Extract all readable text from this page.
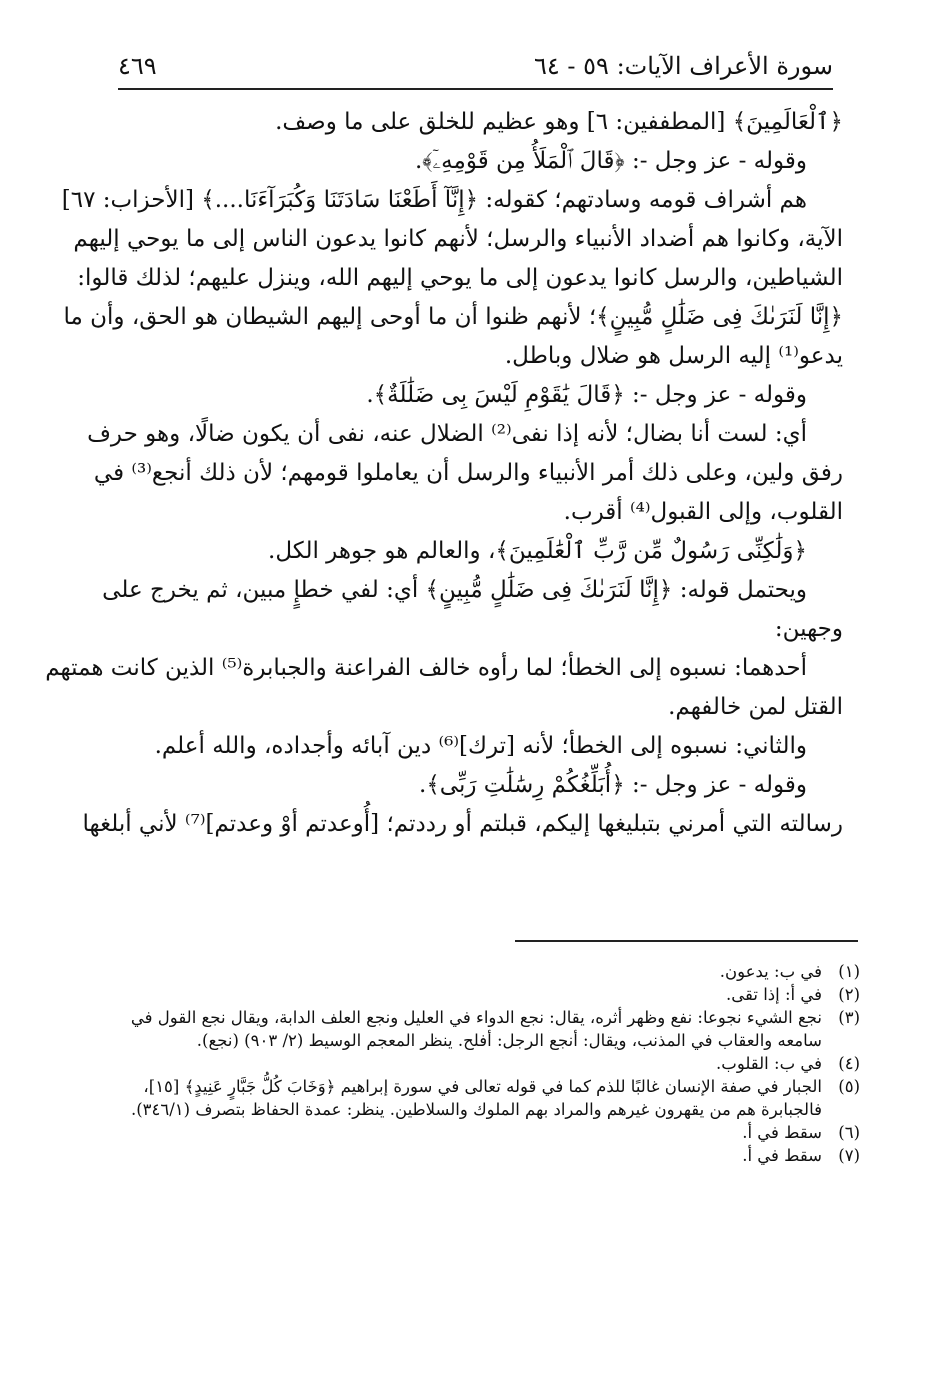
سورة الأعراف الآيات: ٥٩ - ٦٤
٤٦٩
﴿ٱلْعَالَمِينَ﴾ [المطففين: ٦] وهو عظيم للخلق على ما وصف.
وقوله - عز وجل -: ﴿قَالَ ٱلْمَلَأُ مِن قَوْمِهِۦٓ﴾.
هم أشراف قومه وسادتهم؛ كقوله: ﴿إِنَّآ أَطَعْنَا سَادَتَنَا وَكُبَرَآءَنَا....﴾ [الأحزاب: ٦٧]
الآية، وكانوا هم أضداد الأنبياء والرسل؛ لأنهم كانوا يدعون الناس إلى ما يوحي إليهم
الشياطين، والرسل كانوا يدعون إلى ما يوحي إليهم الله، وينزل عليهم؛ لذلك قالوا:
﴿إِنَّا لَنَرَىٰكَ فِى ضَلَٰلٍ مُّبِينٍ﴾؛ لأنهم ظنوا أن ما أوحى إليهم الشيطان هو الحق، وأن ما
يدعو⁽¹⁾ إليه الرسل هو ضلال وباطل.
وقوله - عز وجل -: ﴿قَالَ يَٰقَوْمِ لَيْسَ بِى ضَلَٰلَةٌ﴾.
أي: لست أنا بضال؛ لأنه إذا نفى⁽²⁾ الضلال عنه، نفى أن يكون ضالًا، وهو حرف
رفق ولين، وعلى ذلك أمر الأنبياء والرسل أن يعاملوا قومهم؛ لأن ذلك أنجع⁽³⁾ في
القلوب، وإلى القبول⁽⁴⁾ أقرب.
﴿وَلَٰكِنِّى رَسُولٌ مِّن رَّبِّ ٱلْعَٰلَمِينَ﴾، والعالم هو جوهر الكل.
ويحتمل قوله: ﴿إِنَّا لَنَرَىٰكَ فِى ضَلَٰلٍ مُّبِينٍ﴾ أي: لفي خطإٍ مبين، ثم يخرج على
وجهين:
أحدهما: نسبوه إلى الخطأ؛ لما رأوه خالف الفراعنة والجبابرة⁽⁵⁾ الذين كانت همتهم
القتل لمن خالفهم.
والثاني: نسبوه إلى الخطأ؛ لأنه [ترك]⁽⁶⁾ دين آبائه وأجداده، والله أعلم.
وقوله - عز وجل -: ﴿أُبَلِّغُكُمْ رِسَٰلَٰتِ رَبِّى﴾.
رسالته التي أمرني بتبليغها إليكم، قبلتم أو رددتم؛ [أُوعدتم أوْ وعدتم]⁽⁷⁾ لأني أبلغها
(١)
في ب: يدعون.
(٢)
في أ: إذا تقى.
(٣)
نجع الشيء نجوعا: نفع وظهر أثره، يقال: نجع الدواء في العليل ونجع العلف الدابة، ويقال نجع القول في سامعه والعقاب في المذنب، ويقال: أنجع الرجل: أفلح. ينظر المعجم الوسيط (٢/ ٩٠٣) (نجع).
(٤)
في ب: القلوب.
(٥)
الجبار في صفة الإنسان غالبًا للذم كما في قوله تعالى في سورة إبراهيم ﴿وَخَابَ كُلُّ جَبَّارٍ عَنِيدٍ﴾ [١٥]، فالجبابرة هم من يقهرون غيرهم والمراد بهم الملوك والسلاطين. ينظر: عمدة الحفاظ بتصرف (٣٤٦/١).
(٦)
سقط في أ.
(٧)
سقط في أ.
